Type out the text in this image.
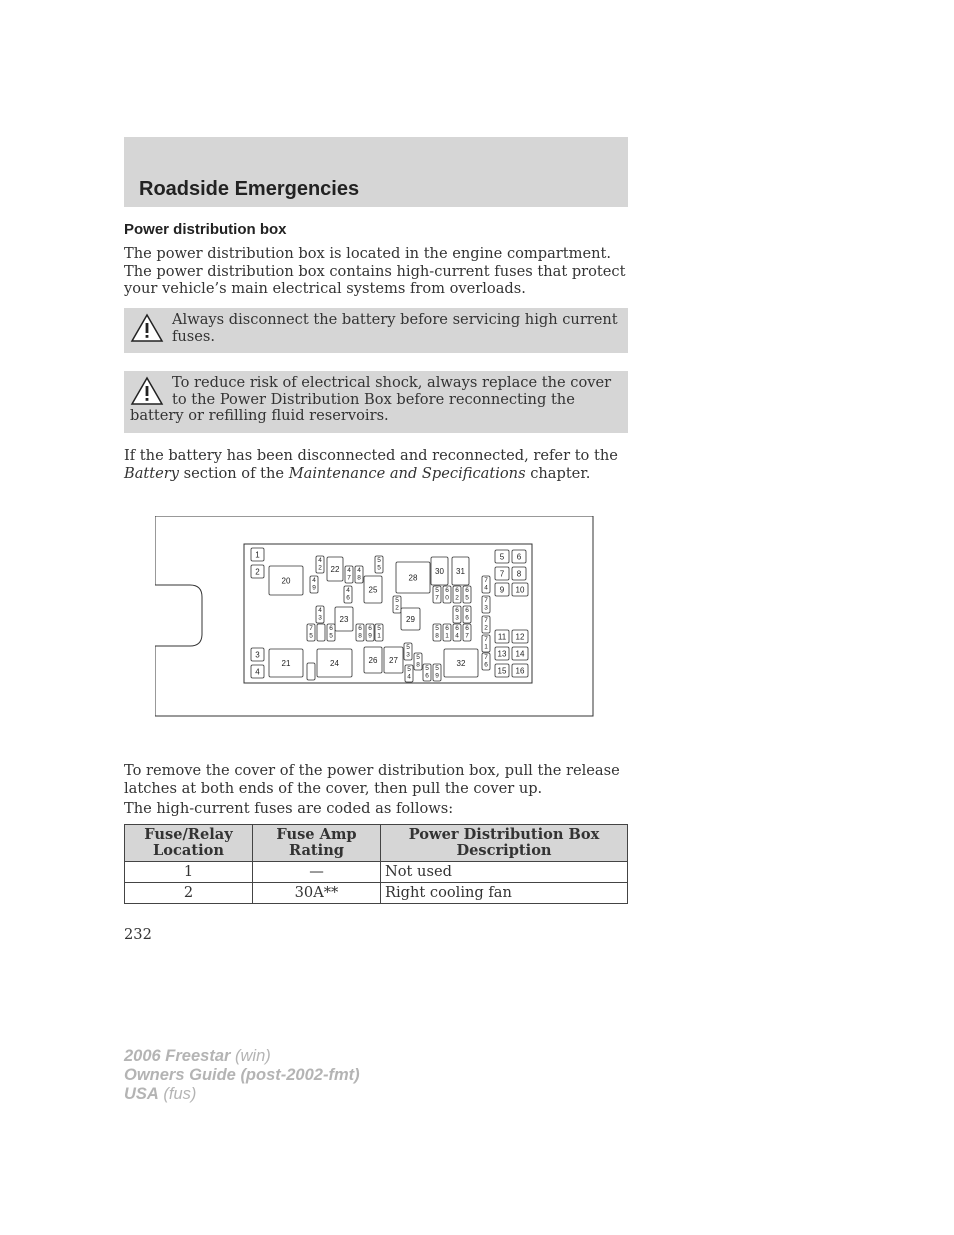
Roadside Emergencies
Power distribution box
The power distribution box is located in the engine compartment. The power distribution box contains high-current fuses that protect your vehicle’s main electrical systems from overloads.
Always disconnect the battery before servicing high current fuses.
To reduce risk of electrical shock, always replace the cover to the Power Distribution Box before reconnecting the battery or refilling fluid reservoirs.
If the battery has been disconnected and reconnected, refer to the Battery section of the Maintenance and Specifications chapter.
1
2
3
4
20
21
4
2 22 4
7
4
8
4
6
4
9	25
5
5
28
30 31
5
2
29
4
3 23
7
5
6
5
6
8
6
9
5
1
24	26 27
5
3 5
8
5
4
5
6
5
9
32
5
7
6
0
6
2
6
5
6
3
6
6
5
8
6
1
6
4
6
7
7
4
7
3
7
2
7
1
7
6
5 6
7 8
9 10
11 12
13 14
15 16
To remove the cover of the power distribution box, pull the release latches at both ends of the cover, then pull the cover up.
The high-current fuses are coded as follows:
Fuse/Relay Location	Fuse Amp Rating	Power Distribution Box Description
1	—	Not used
2	30A**	Right cooling fan
232
2006 Freestar (win)
Owners Guide (post-2002-fmt)
USA (fus)
